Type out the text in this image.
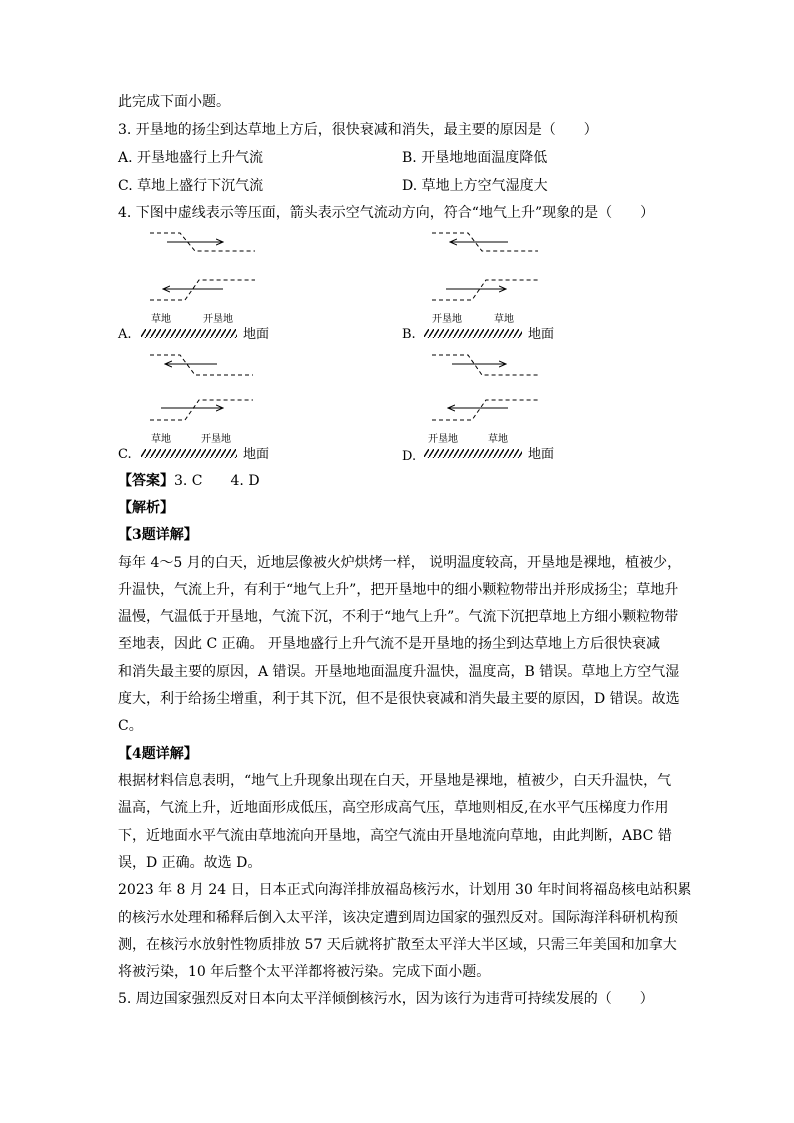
此完成下面小题。
3. 开垦地的扬尘到达草地上方后，很快衰减和消失，最主要的原因是（　　）
A. 开垦地盛行上升气流	B. 开垦地地面温度降低
C. 草地上盛行下沉气流	D. 草地上方空气湿度大
4. 下图中虚线表示等压面，箭头表示空气流动方向，符合“地气上升”现象的是（　　）
A.
草地	开垦地
地面	B.
开垦地	草地
地面
C.
草地	开垦地
地面	D.
开垦地	草地
地面
【答案】3. C　　4. D
【解析】
【3题详解】
每年 4～5 月的白天，近地层像被火炉烘烤一样， 说明温度较高，开垦地是裸地，植被少，
升温快，气流上升，有利于“地气上升”，把开垦地中的细小颗粒物带出并形成扬尘；草地升
温慢，气温低于开垦地，气流下沉，不利于“地气上升”。气流下沉把草地上方细小颗粒物带
至地表，因此 C 正确。 开垦地盛行上升气流不是开垦地的扬尘到达草地上方后很快衰减
和消失最主要的原因，A 错误。开垦地地面温度升温快，温度高，B 错误。草地上方空气湿
度大，利于给扬尘增重，利于其下沉，但不是很快衰减和消失最主要的原因，D 错误。故选
C。
【4题详解】
根据材料信息表明，“地气上升现象出现在白天，开垦地是裸地，植被少，白天升温快，气
温高，气流上升，近地面形成低压，高空形成高气压，草地则相反,在水平气压梯度力作用
下，近地面水平气流由草地流向开垦地，高空气流由开垦地流向草地，由此判断，ABC 错
误，D 正确。故选 D。
2023 年 8 月 24 日，日本正式向海洋排放福岛核污水，计划用 30 年时间将福岛核电站积累
的核污水处理和稀释后倒入太平洋，该决定遭到周边国家的强烈反对。国际海洋科研机构预
测，在核污水放射性物质排放 57 天后就将扩散至太平洋大半区域，只需三年美国和加拿大
将被污染，10 年后整个太平洋都将被污染。完成下面小题。
5. 周边国家强烈反对日本向太平洋倾倒核污水，因为该行为违背可持续发展的（　　）
